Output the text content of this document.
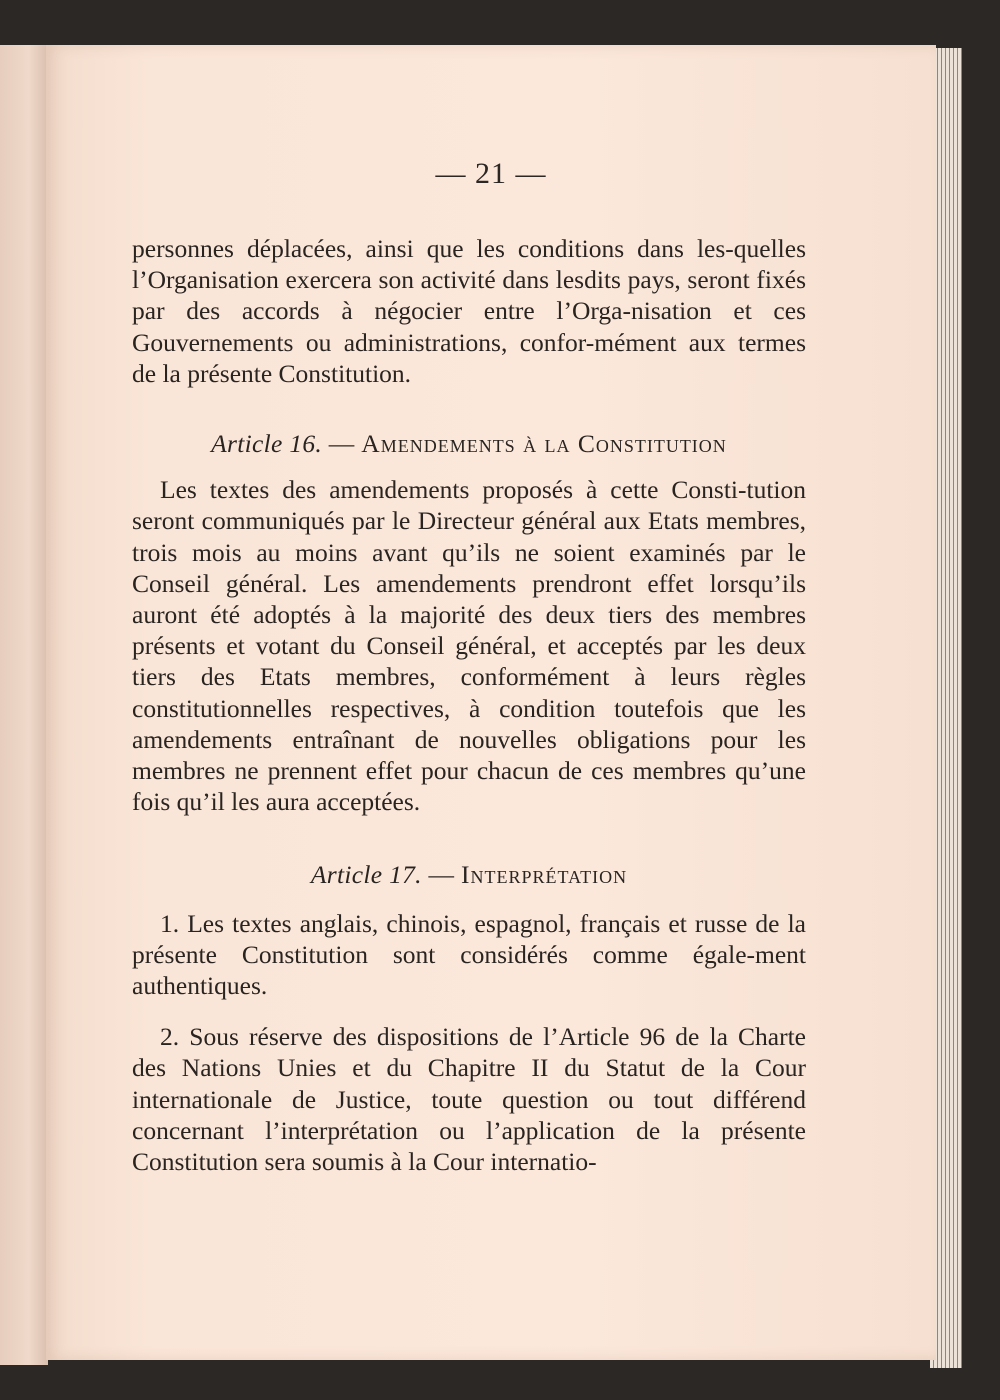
— 21 —

personnes déplacées, ainsi que les conditions dans les-quelles l’Organisation exercera son activité dans lesdits pays, seront fixés par des accords à négocier entre l’Orga-nisation et ces Gouvernements ou administrations, confor-mément aux termes de la présente Constitution.

Article 16. — Amendements à la Constitution

Les textes des amendements proposés à cette Consti-tution seront communiqués par le Directeur général aux Etats membres, trois mois au moins avant qu’ils ne soient examinés par le Conseil général. Les amendements prendront effet lorsqu’ils auront été adoptés à la majorité des deux tiers des membres présents et votant du Conseil général, et acceptés par les deux tiers des Etats membres, conformément à leurs règles constitutionnelles respectives, à condition toutefois que les amendements entraînant de nouvelles obligations pour les membres ne prennent effet pour chacun de ces membres qu’une fois qu’il les aura acceptées.

Article 17. — Interprétation

1. Les textes anglais, chinois, espagnol, français et russe de la présente Constitution sont considérés comme égale-ment authentiques.

2. Sous réserve des dispositions de l’Article 96 de la Charte des Nations Unies et du Chapitre II du Statut de la Cour internationale de Justice, toute question ou tout différend concernant l’interprétation ou l’application de la présente Constitution sera soumis à la Cour internatio-
